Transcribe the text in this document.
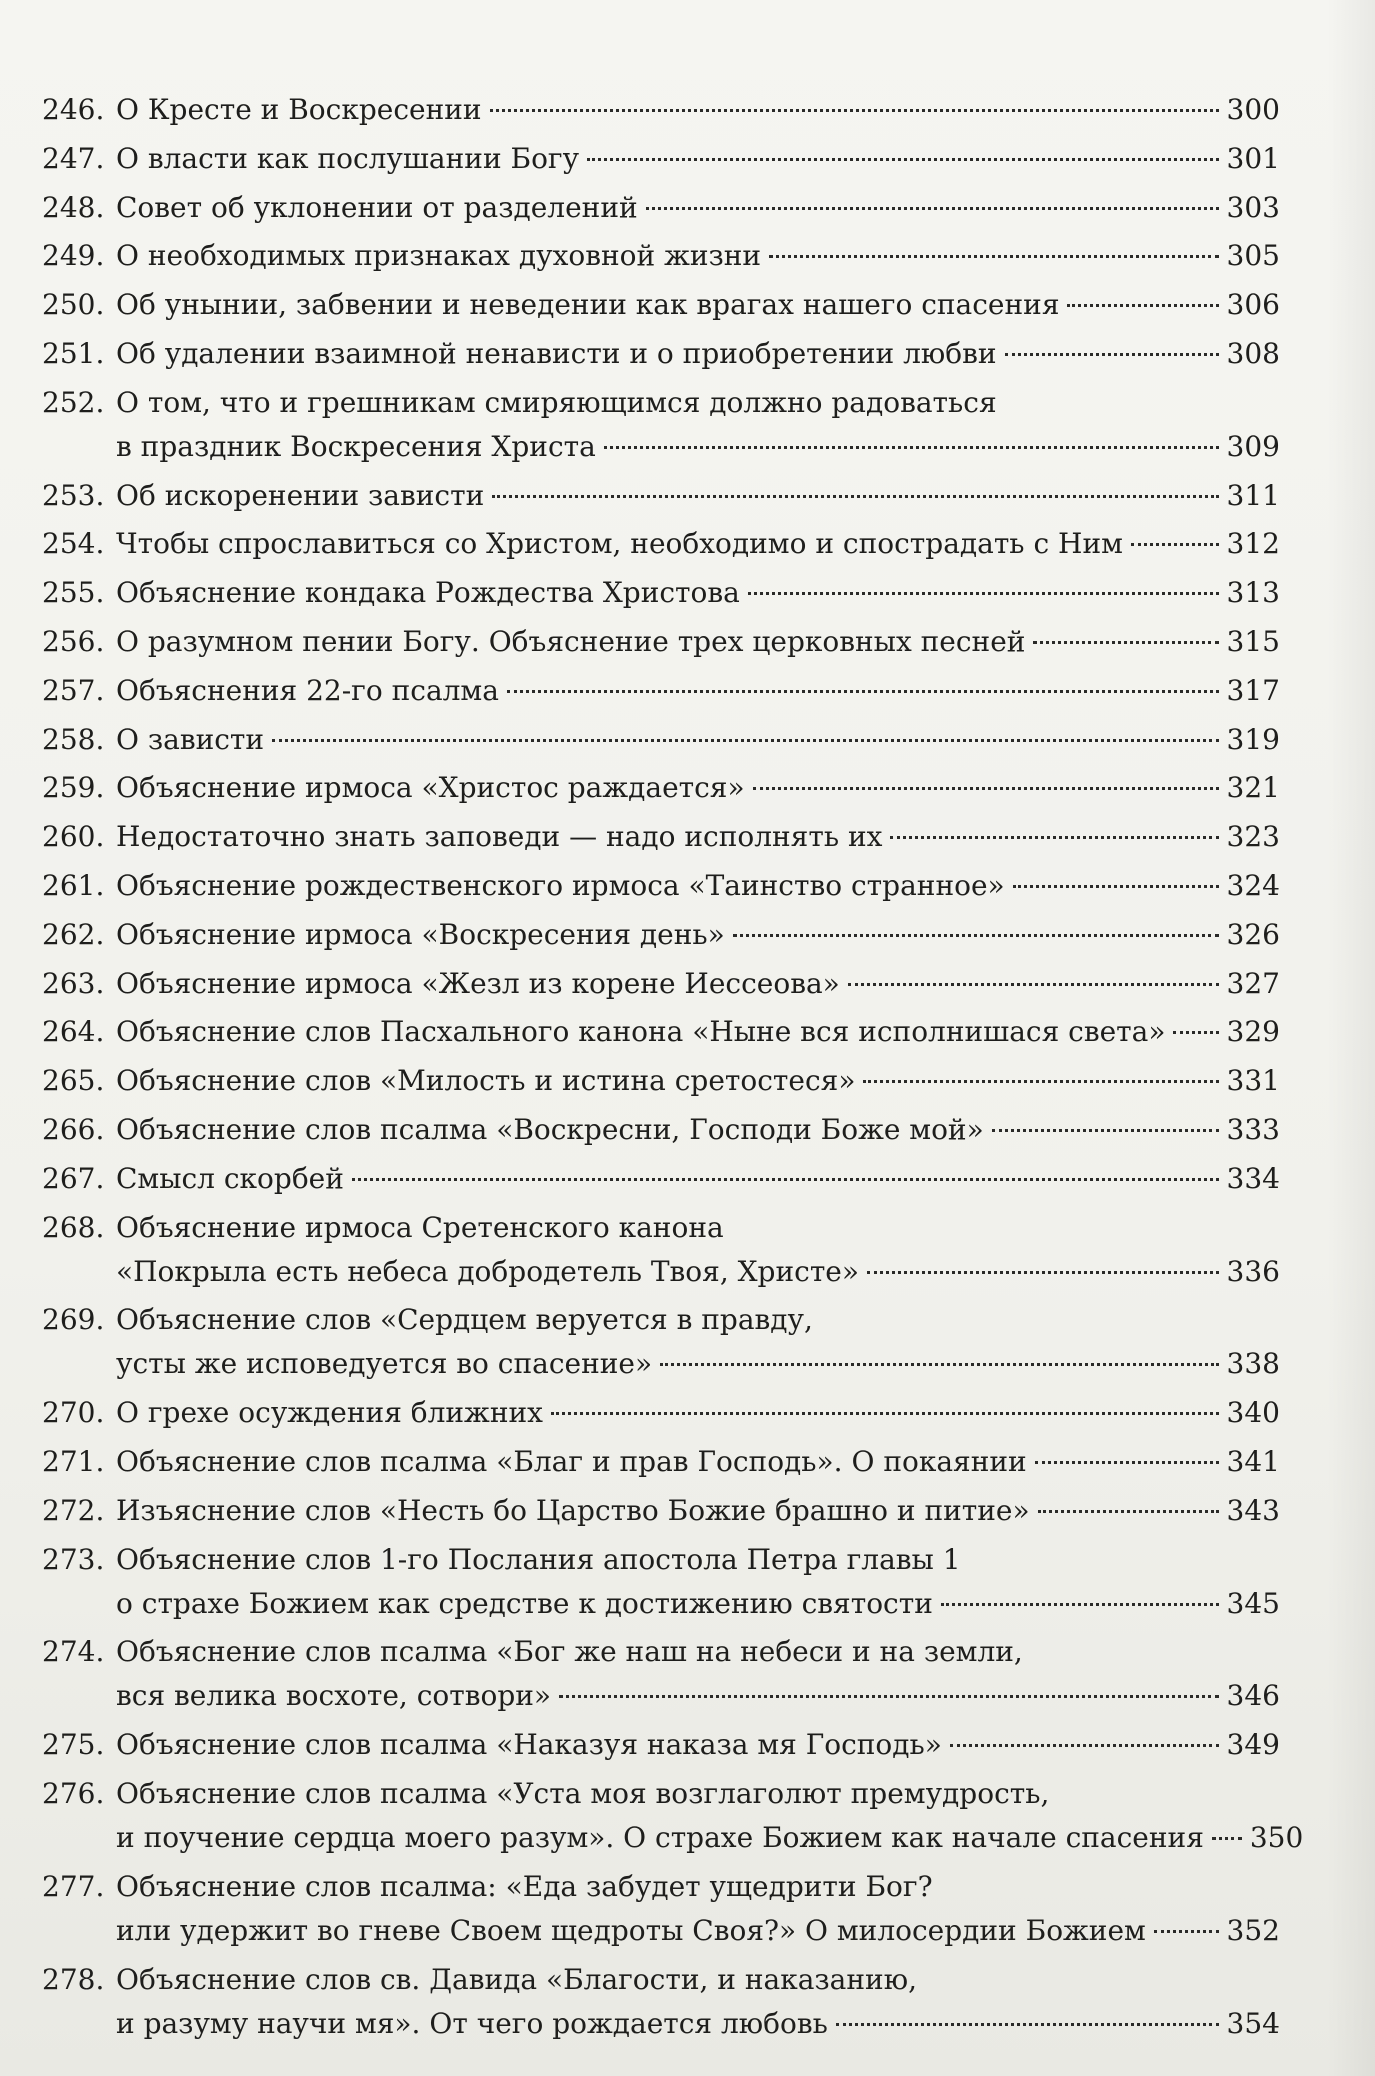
246. О Кресте и Воскресении	300
247. О власти как послушании Богу	301
248. Совет об уклонении от разделений	303
249. О необходимых признаках духовной жизни	305
250. Об унынии, забвении и неведении как врагах нашего спасения	306
251. Об удалении взаимной ненависти и о приобретении любви	308
252. О том, что и грешникам смиряющимся должно радоваться
в праздник Воскресения Христа	309
253. Об искоренении зависти	311
254. Чтобы спрославиться со Христом, необходимо и спострадать с Ним	312
255. Объяснение кондака Рождества Христова	313
256. О разумном пении Богу. Объяснение трех церковных песней	315
257. Объяснения 22-го псалма	317
258. О зависти	319
259. Объяснение ирмоса «Христос раждается»	321
260. Недостаточно знать заповеди — надо исполнять их	323
261. Объяснение рождественского ирмоса «Таинство странное»	324
262. Объяснение ирмоса «Воскресения день»	326
263. Объяснение ирмоса «Жезл из корене Иессеова»	327
264. Объяснение слов Пасхального канона «Ныне вся исполнишася света» 329
265. Объяснение слов «Милость и истина сретостеся»	331
266. Объяснение слов псалма «Воскресни, Господи Боже мой»	333
267. Смысл скорбей	334
268. Объяснение ирмоса Сретенского канона
«Покрыла есть небеса добродетель Твоя, Христе»	336
269. Объяснение слов «Сердцем веруется в правду,
усты же исповедуется во спасение»	338
270. О грехе осуждения ближних	340
271. Объяснение слов псалма «Благ и прав Господь». О покаянии	341
272. Изъяснение слов «Несть бо Царство Божие брашно и питие»	343
273. Объяснение слов 1-го Послания апостола Петра главы 1
о страхе Божием как средстве к достижению святости	345
274. Объяснение слов псалма «Бог же наш на небеси и на земли,
вся велика восхоте, сотвори»	346
275. Объяснение слов псалма «Наказуя наказа мя Господь»	349
276. Объяснение слов псалма «Уста моя возглаголют премудрость,
и поучение сердца моего разум». О страхе Божием как начале спасения 350
277. Объяснение слов псалма: «Еда забудет ущедрити Бог?
или удержит во гневе Своем щедроты Своя?» О милосердии Божием	352
278. Объяснение слов св. Давида «Благости, и наказанию,
и разуму научи мя». От чего рождается любовь	354
